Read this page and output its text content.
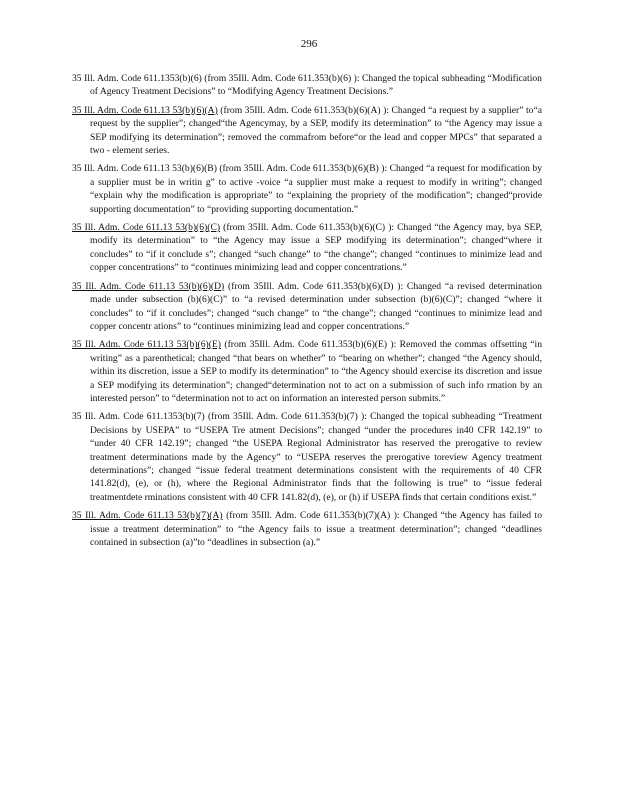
296

35 Ill. Adm. Code 611.1353(b)(6) (from 35Ill. Adm. Code 611.353(b)(6) ): Changed the topical subheading “Modification of Agency Treatment Decisions” to “Modifying Agency Treatment Decisions.”

35 Ill. Adm. Code 611.13 53(b)(6)(A) (from 35Ill. Adm. Code 611.353(b)(6)(A) ): Changed “a request by a supplier” to“a request by the supplier”; changed“the Agencymay, by a SEP, modify its determination” to “the Agency may issue a SEP modifying its determination”; removed the commafrom before“or the lead and copper MPCs” that separated a two - element series.

35 Ill. Adm. Code 611.13 53(b)(6)(B) (from 35Ill. Adm. Code 611.353(b)(6)(B) ): Changed “a request for modification by a supplier must be in writin g” to active -voice “a supplier must make a request to modify in writing”; changed “explain why the modification is appropriate” to “explaining the propriety of the modification”; changed“provide supporting documentation” to “providing supporting documentation.”

35 Ill. Adm. Code 611.13 53(b)(6)(C) (from 35Ill. Adm. Code 611.353(b)(6)(C) ): Changed “the Agency may, bya SEP, modify its determination” to “the Agency may issue a SEP modifying its determination”; changed“where it concludes” to “if it conclude s”; changed “such change” to “the change”; changed “continues to minimize lead and copper concentrations” to “continues minimizing lead and copper concentrations.”

35 Ill. Adm. Code 611.13 53(b)(6)(D) (from 35Ill. Adm. Code 611.353(b)(6)(D) ): Changed “a revised determination made under subsection (b)(6)(C)” to “a revised determination under subsection (b)(6)(C)”; changed “where it concludes” to “if it concludes”; changed “such change” to “the change”; changed “continues to minimize lead and copper concentr ations” to “continues minimizing lead and copper concentrations.”

35 Ill. Adm. Code 611.13 53(b)(6)(E) (from 35Ill. Adm. Code 611.353(b)(6)(E) ): Removed the commas offsetting “in writing” as a parenthetical; changed “that bears on whether” to “bearing on whether”; changed “the Agency should, within its discretion, issue a SEP to modify its determination” to “the Agency should exercise its discretion and issue a SEP modifying its determination”; changed“determination not to act on a submission of such info rmation by an interested person” to “determination not to act on information an interested person submits.”

35 Ill. Adm. Code 611.1353(b)(7) (from 35Ill. Adm. Code 611.353(b)(7) ): Changed the topical subheading “Treatment Decisions by USEPA” to “USEPA Tre atment Decisions”; changed “under the procedures in40 CFR 142.19” to “under 40 CFR 142.19”; changed “the USEPA Regional Administrator has reserved the prerogative to review treatment determinations made by the Agency” to “USEPA reserves the prerogative toreview Agency treatment determinations”; changed “issue federal treatment determinations consistent with the requirements of 40 CFR 141.82(d), (e), or (h), where the Regional Administrator finds that the following is true” to “issue federal treatmentdete rminations consistent with 40 CFR 141.82(d), (e), or (h) if USEPA finds that certain conditions exist.”

35 Ill. Adm. Code 611.13 53(b)(7)(A) (from 35Ill. Adm. Code 611.353(b)(7)(A) ): Changed “the Agency has failed to issue a treatment determination” to “the Agency fails to issue a treatment determination”; changed “deadlines contained in subsection (a)”to “deadlines in subsection (a).”
